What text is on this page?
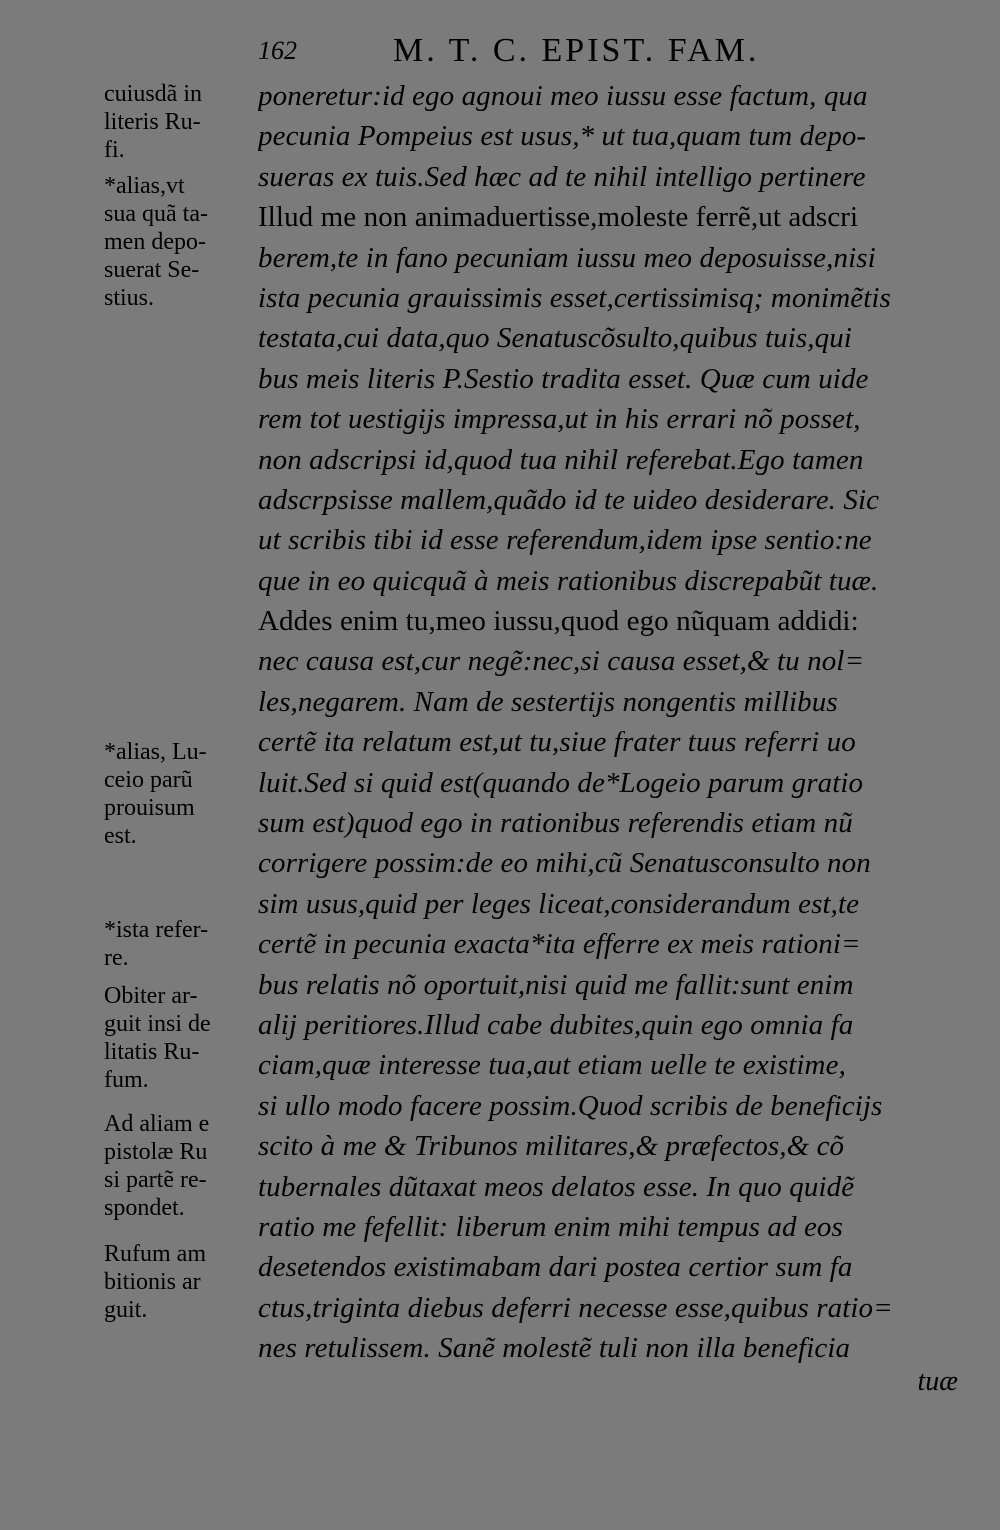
162	M. T. C. EPIST. FAM.
cuiusdã in
literis Ru-
fi.
*alias,vt
sua quã ta-
men depo-
suerat Se-
stius.
*alias, Lu-
ceio parũ
prouisum
est.
*ista refer-
re.
Obiter ar-
guit insi de
litatis Ru-
fum.
Ad aliam e
pistolæ Ru
si partẽ re-
spondet.
Rufum am
bitionis ar
guit.
poneretur:id ego agnoui meo iussu esse factum, qua
pecunia Pompeius est usus,* ut tua,quam tum depo-
sueras ex tuis.Sed hæc ad te nihil intelligo pertinere
Illud me non animaduertisse,moleste ferrẽ,ut adscri
berem,te in fano pecuniam iussu meo deposuisse,nisi
ista pecunia grauissimis esset,certissimisq; monimẽtis
testata,cui data,quo Senatuscõsulto,quibus tuis,qui
bus meis literis P.Sestio tradita esset. Quæ cum uide
rem tot uestigijs impressa,ut in his errari nõ posset,
non adscripsi id,quod tua nihil referebat.Ego tamen
adscrpsisse mallem,quãdo id te uideo desiderare. Sic
ut scribis tibi id esse referendum,idem ipse sentio:ne
que in eo quicquã à meis rationibus discrepabũt tuæ.
Addes enim tu,meo iussu,quod ego nũquam addidi:
nec causa est,cur negẽ:nec,si causa esset,& tu nol=
les,negarem. Nam de sestertijs nongentis millibus
certẽ ita relatum est,ut tu,siue frater tuus referri uo
luit.Sed si quid est(quando de*Logeio parum gratio
sum est)quod ego in rationibus referendis etiam nũ
corrigere possim:de eo mihi,cũ Senatusconsulto non
sim usus,quid per leges liceat,considerandum est,te
certẽ in pecunia exacta*ita efferre ex meis rationi=
bus relatis nõ oportuit,nisi quid me fallit:sunt enim
alij peritiores.Illud cabe dubites,quin ego omnia fa
ciam,quæ interesse tua,aut etiam uelle te existime,
si ullo modo facere possim.Quod scribis de beneficijs
scito à me & Tribunos militares,& præfectos,& cõ
tubernales dũtaxat meos delatos esse. In quo quidẽ
ratio me fefellit: liberum enim mihi tempus ad eos
desetendos existimabam dari postea certior sum fa
ctus,triginta diebus deferri necesse esse,quibus ratio=
nes retulissem. Sanẽ molestẽ tuli non illa beneficia
tuæ
